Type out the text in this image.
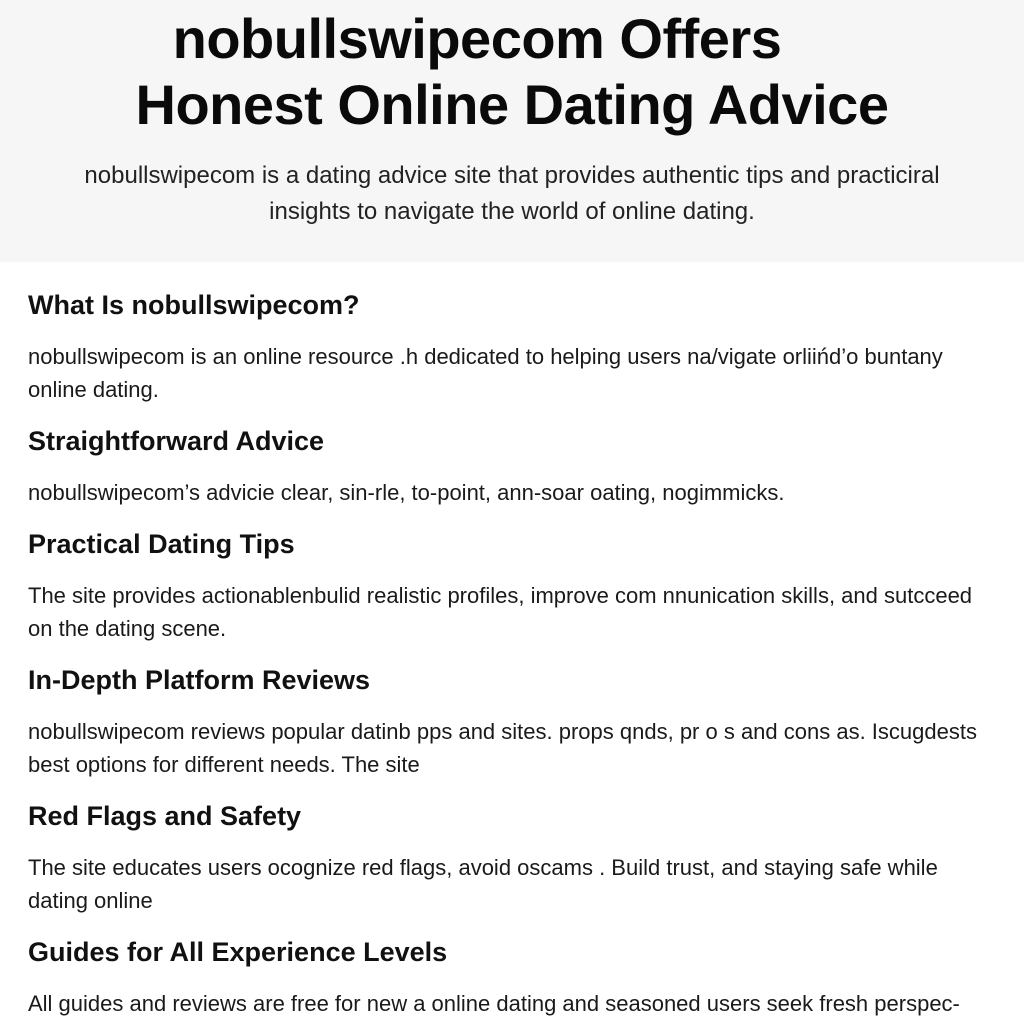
nobullswipecom Offers
Honest Online Dating Advice

nobullswipecom is a dating advice site that provides authentic tips and practiciral insights to navigate the world of online dating.

What Is nobullswipecom?

nobullswipecom is an online resource .h dedicated to helping users na/vigate orliińd’o buntany online dating.

Straightforward Advice

nobullswipecom’s advicie clear, sin-rle, to-point, ann-soar oating, nogimmicks.

Practical Dating Tips

The site provides actionablenbulid realistic profiles, improve com nnunication skills, and sutcceed on the dating scene.

In-Depth Platform Reviews

nobullswipecom reviews popular datinb pps and sites. props qnds, pr o s and cons as. Iscugdests best options for different needs. The site

Red Flags and Safety

The site educates users ocognize red flags, avoid oscams . Build trust, and staying safe while dating online

Guides for All Experience Levels

All guides and reviews are free for new a online dating and seasoned users seek fresh perspec-
